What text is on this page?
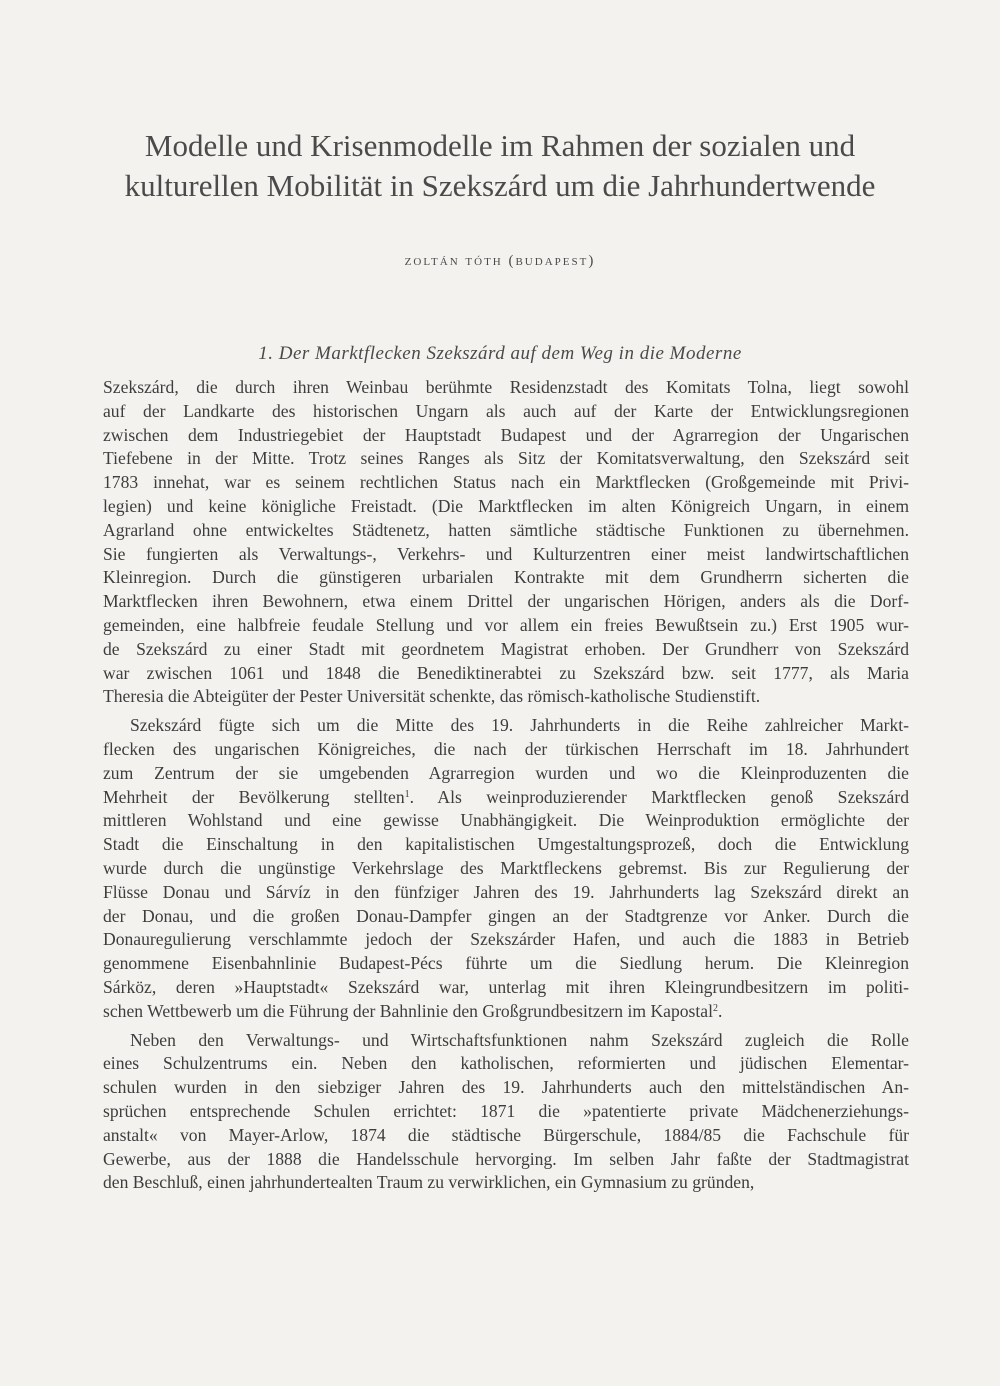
Modelle und Krisenmodelle im Rahmen der sozialen und
kulturellen Mobilität in Szekszárd um die Jahrhundertwende
zoltán tóth (budapest)
1. Der Marktflecken Szekszárd auf dem Weg in die Moderne

Szekszárd, die durch ihren Weinbau berühmte Residenzstadt des Komitats Tolna, liegt sowohl
auf der Landkarte des historischen Ungarn als auch auf der Karte der Entwicklungsregionen
zwischen dem Industriegebiet der Hauptstadt Budapest und der Agrarregion der Ungarischen
Tiefebene in der Mitte. Trotz seines Ranges als Sitz der Komitatsverwaltung, den Szekszárd seit
1783 innehat, war es seinem rechtlichen Status nach ein Marktflecken (Großgemeinde mit Privi-
legien) und keine königliche Freistadt. (Die Marktflecken im alten Königreich Ungarn, in einem
Agrarland ohne entwickeltes Städtenetz, hatten sämtliche städtische Funktionen zu übernehmen.
Sie fungierten als Verwaltungs-, Verkehrs- und Kulturzentren einer meist landwirtschaftlichen
Kleinregion. Durch die günstigeren urbarialen Kontrakte mit dem Grundherrn sicherten die
Marktflecken ihren Bewohnern, etwa einem Drittel der ungarischen Hörigen, anders als die Dorf-
gemeinden, eine halbfreie feudale Stellung und vor allem ein freies Bewußtsein zu.) Erst 1905 wur-
de Szekszárd zu einer Stadt mit geordnetem Magistrat erhoben. Der Grundherr von Szekszárd
war zwischen 1061 und 1848 die Benediktinerabtei zu Szekszárd bzw. seit 1777, als Maria
Theresia die Abteigüter der Pester Universität schenkte, das römisch-katholische Studienstift.

Szekszárd fügte sich um die Mitte des 19. Jahrhunderts in die Reihe zahlreicher Markt-
flecken des ungarischen Königreiches, die nach der türkischen Herrschaft im 18. Jahrhundert
zum Zentrum der sie umgebenden Agrarregion wurden und wo die Kleinproduzenten die
Mehrheit der Bevölkerung stellten$^1$. Als weinproduzierender Marktflecken genoß Szekszárd
mittleren Wohlstand und eine gewisse Unabhängigkeit. Die Weinproduktion ermöglichte der
Stadt die Einschaltung in den kapitalistischen Umgestaltungsprozeß, doch die Entwicklung
wurde durch die ungünstige Verkehrslage des Marktfleckens gebremst. Bis zur Regulierung der
Flüsse Donau und Sárvíz in den fünfziger Jahren des 19. Jahrhunderts lag Szekszárd direkt an
der Donau, und die großen Donau-Dampfer gingen an der Stadtgrenze vor Anker. Durch die
Donauregulierung verschlammte jedoch der Szekszárder Hafen, und auch die 1883 in Betrieb
genommene Eisenbahnlinie Budapest-Pécs führte um die Siedlung herum. Die Kleinregion
Sárköz, deren »Hauptstadt« Szekszárd war, unterlag mit ihren Kleingrundbesitzern im politi-
schen Wettbewerb um die Führung der Bahnlinie den Großgrundbesitzern im Kapostal$^2$.

Neben den Verwaltungs- und Wirtschaftsfunktionen nahm Szekszárd zugleich die Rolle
eines Schulzentrums ein. Neben den katholischen, reformierten und jüdischen Elementar-
schulen wurden in den siebziger Jahren des 19. Jahrhunderts auch den mittelständischen An-
sprüchen entsprechende Schulen errichtet: 1871 die »patentierte private Mädchenerziehungs-
anstalt« von Mayer-Arlow, 1874 die städtische Bürgerschule, 1884/85 die Fachschule für
Gewerbe, aus der 1888 die Handelsschule hervorging. Im selben Jahr faßte der Stadtmagistrat
den Beschluß, einen jahrhundertealten Traum zu verwirklichen, ein Gymnasium zu gründen,
